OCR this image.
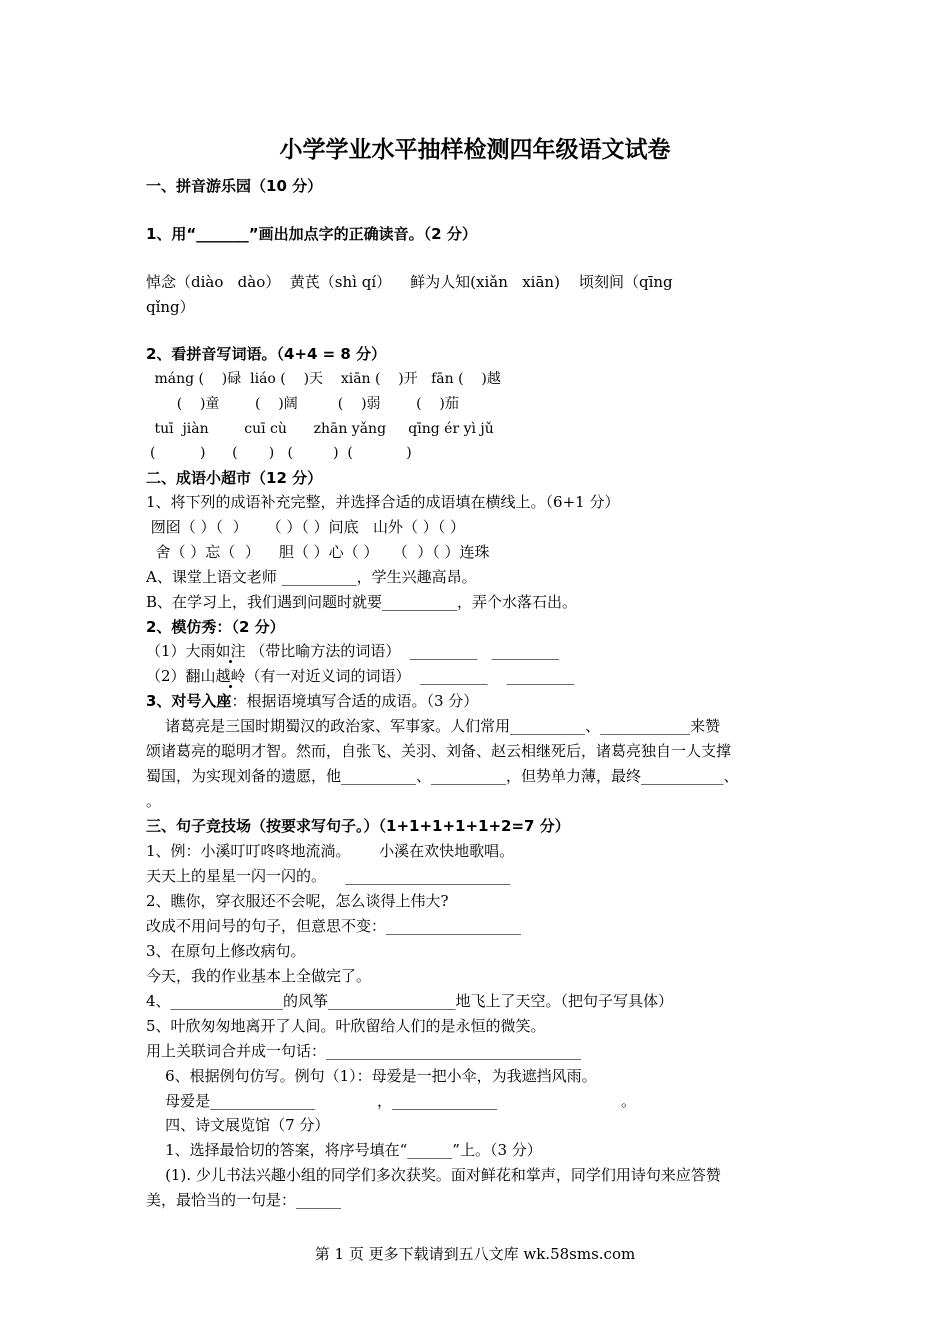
小学学业水平抽样检测四年级语文试卷
一、拼音游乐园（10 分）
1、用“_______”画出加点字的正确读音。（2 分）
悼念（diào   dào）  黄芪（shì qí）    鲜为人知(xiǎn   xiān)    顷刻间（qīng
qǐng）
2、看拼音写词语。（4+4 = 8 分）
máng (    )碌  liáo (    )天    xiān (    )开   fān (    )越
(    )童        (    )阔         (    )弱        (    )茄
tuī  jiàn        cuī cù      zhān yǎng     qīng ér yì jǔ
(          )      (       )   (         )  (            )
二、成语小超市（12 分）
1、将下列的成语补充完整，并选择合适的成语填在横线上。（6+1 分）
囫囵（ ）（  ）    （ ）（ ）问底   山外（ ）（ ）
舍（ ）忘（  ）    胆（ ）心（ ）   （  ）（ ）连珠
A、课堂上语文老师 __________，学生兴趣高昂。
B、在学习上，我们遇到问题时就要__________，弄个水落石出。
2、模仿秀：（2 分）
（1）大雨如注 （带比喻方法的词语）  _________   _________
（2）翻山越岭（有一对近义词的词语）  _________    _________
3、对号入座：根据语境填写合适的成语。（3 分）
诸葛亮是三国时期蜀汉的政治家、军事家。人们常用__________、____________来赞
颂诸葛亮的聪明才智。然而，自张飞、关羽、刘备、赵云相继死后，诸葛亮独自一人支撑
蜀国，为实现刘备的遗愿，他__________、__________，但势单力薄，最终___________、
。
三、句子竞技场（按要求写句子。）（1+1+1+1+1+2=7 分）
1、例：小溪叮叮咚咚地流淌。      小溪在欢快地歌唱。
天天上的星星一闪一闪的。    ______________________
2、瞧你，穿衣服还不会呢，怎么谈得上伟大?
改成不用问号的句子，但意思不变：__________________
3、在原句上修改病句。
今天，我的作业基本上全做完了。
4、_______________的风筝_________________地飞上了天空。（把句子写具体）
5、叶欣匆匆地离开了人间。叶欣留给人们的是永恒的微笑。
用上关联词合并成一句话：__________________________________
6、根据例句仿写。例句（1）：母爱是一把小伞，为我遮挡风雨。
母爱是______________             ，______________                          。
四、诗文展览馆（7 分）
1、选择最恰切的答案，将序号填在“______”上。（3 分）
(1). 少儿书法兴趣小组的同学们多次获奖。面对鲜花和掌声，同学们用诗句来应答赞
美，最恰当的一句是：______
第 1 页 更多下载请到五八文库 wk.58sms.com
